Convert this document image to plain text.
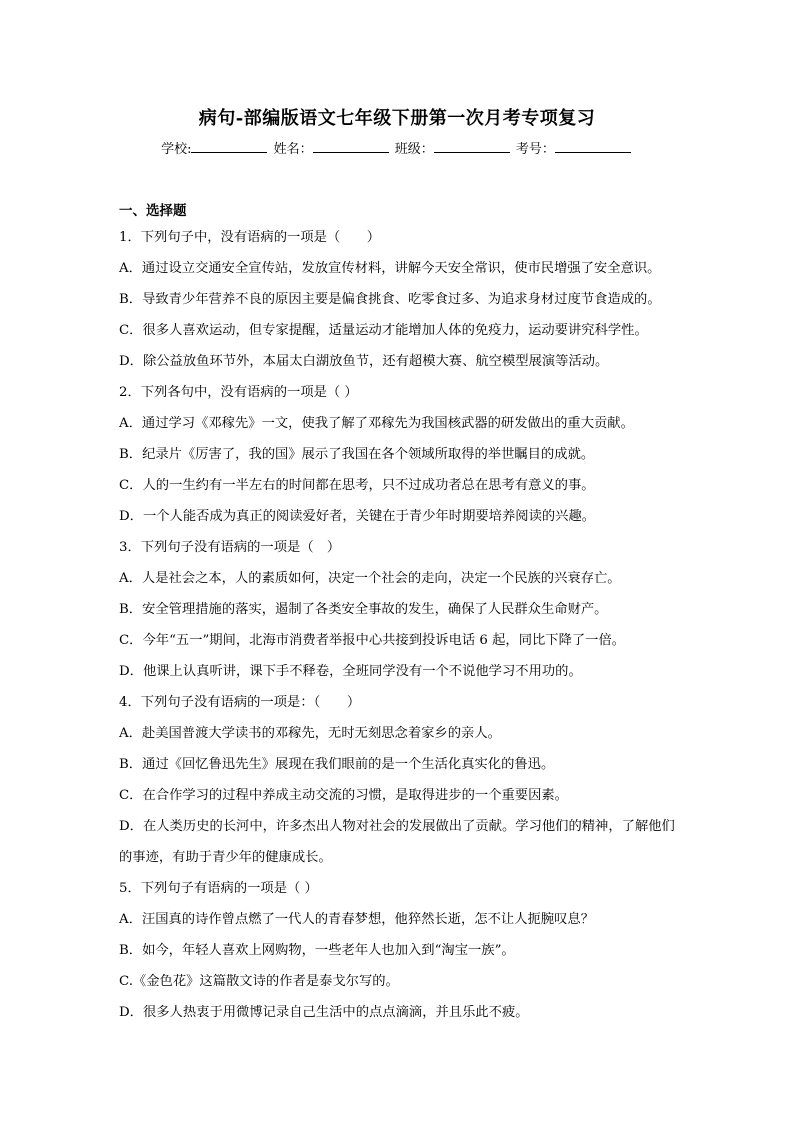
病句-部编版语文七年级下册第一次月考专项复习
学校:	姓名：	班级：	考号：
一、选择题
1．下列句子中，没有语病的一项是（　　）
A．通过设立交通安全宣传站，发放宣传材料，讲解今天安全常识，使市民增强了安全意识。
B．导致青少年营养不良的原因主要是偏食挑食、吃零食过多、为追求身材过度节食造成的。
C．很多人喜欢运动，但专家提醒，适量运动才能增加人体的免疫力，运动要讲究科学性。
D．除公益放鱼环节外，本届太白湖放鱼节，还有超模大赛、航空模型展演等活动。
2．下列各句中，没有语病的一项是（ ）
A．通过学习《邓稼先》一文，使我了解了邓稼先为我国核武器的研发做出的重大贡献。
B．纪录片《厉害了，我的国》展示了我国在各个领域所取得的举世瞩目的成就。
C．人的一生约有一半左右的时间都在思考，只不过成功者总在思考有意义的事。
D．一个人能否成为真正的阅读爱好者，关键在于青少年时期要培养阅读的兴趣。
3．下列句子没有语病的一项是（　）
A．人是社会之本，人的素质如何，决定一个社会的走向，决定一个民族的兴衰存亡。
B．安全管理措施的落实，遏制了各类安全事故的发生，确保了人民群众生命财产。
C．今年“五一”期间，北海市消费者举报中心共接到投诉电话 6 起，同比下降了一倍。
D．他课上认真听讲，课下手不释卷，全班同学没有一个不说他学习不用功的。
4．下列句子没有语病的一项是：（　　）
A．赴美国普渡大学读书的邓稼先，无时无刻思念着家乡的亲人。
B．通过《回忆鲁迅先生》展现在我们眼前的是一个生活化真实化的鲁迅。
C．在合作学习的过程中养成主动交流的习惯，是取得进步的一个重要因素。
D．在人类历史的长河中，许多杰出人物对社会的发展做出了贡献。学习他们的精神，了解他们的事迹，有助于青少年的健康成长。
5．下列句子有语病的一项是（ ）
A．汪国真的诗作曾点燃了一代人的青春梦想，他猝然长逝，怎不让人扼腕叹息？
B．如今，年轻人喜欢上网购物，一些老年人也加入到“淘宝一族”。
C.《金色花》这篇散文诗的作者是泰戈尔写的。
D．很多人热衷于用微博记录自己生活中的点点滴滴，并且乐此不疲。
